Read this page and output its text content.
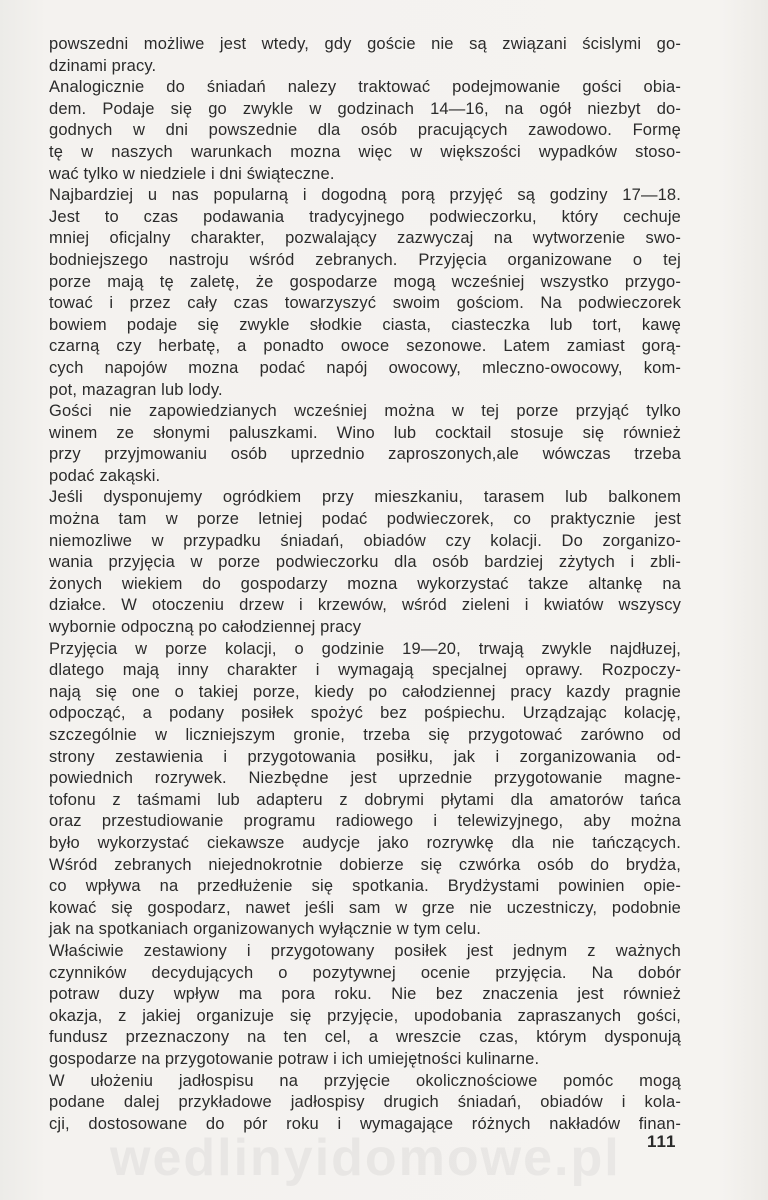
powszedni możliwe jest wtedy, gdy goście nie są związani ścislymi go-
dzinami pracy.
Analogicznie do śniadań nalezy traktować podejmowanie gości obia-
dem. Podaje się go zwykle w godzinach 14—16, na ogół niezbyt do-
godnych w dni powszednie dla osób pracujących zawodowo. Formę
tę w naszych warunkach mozna więc w większości wypadków stoso-
wać tylko w niedziele i dni świąteczne.
Najbardziej u nas popularną i dogodną porą przyjęć są godziny 17—18.
Jest to czas podawania tradycyjnego podwieczorku, który cechuje
mniej oficjalny charakter, pozwalający zazwyczaj na wytworzenie swo-
bodniejszego nastroju wśród zebranych. Przyjęcia organizowane o tej
porze mają tę zaletę, że gospodarze mogą wcześniej wszystko przygo-
tować i przez cały czas towarzyszyć swoim gościom. Na podwieczorek
bowiem podaje się zwykle słodkie ciasta, ciasteczka lub tort, kawę
czarną czy herbatę, a ponadto owoce sezonowe. Latem zamiast gorą-
cych napojów mozna podać napój owocowy, mleczno-owocowy, kom-
pot, mazagran lub lody.
Gości nie zapowiedzianych wcześniej można w tej porze przyjąć tylko
winem ze słonymi paluszkami. Wino lub cocktail stosuje się również
przy przyjmowaniu osób uprzednio zaproszonych,ale wówczas trzeba
podać zakąski.
Jeśli dysponujemy ogródkiem przy mieszkaniu, tarasem lub balkonem
można tam w porze letniej podać podwieczorek, co praktycznie jest
niemozliwe w przypadku śniadań, obiadów czy kolacji. Do zorganizo-
wania przyjęcia w porze podwieczorku dla osób bardziej zżytych i zbli-
żonych wiekiem do gospodarzy mozna wykorzystać takze altankę na
działce. W otoczeniu drzew i krzewów, wśród zieleni i kwiatów wszyscy
wybornie odpoczną po całodziennej pracy
Przyjęcia w porze kolacji, o godzinie 19—20, trwają zwykle najdłuzej,
dlatego mają inny charakter i wymagają specjalnej oprawy. Rozpoczy-
nają się one o takiej porze, kiedy po całodziennej pracy kazdy pragnie
odpocząć, a podany posiłek spożyć bez pośpiechu. Urządzając kolację,
szczególnie w liczniejszym gronie, trzeba się przygotować zarówno od
strony zestawienia i przygotowania posiłku, jak i zorganizowania od-
powiednich rozrywek. Niezbędne jest uprzednie przygotowanie magne-
tofonu z taśmami lub adapteru z dobrymi płytami dla amatorów tańca
oraz przestudiowanie programu radiowego i telewizyjnego, aby można
było wykorzystać ciekawsze audycje jako rozrywkę dla nie tańczących.
Wśród zebranych niejednokrotnie dobierze się czwórka osób do brydża,
co wpływa na przedłużenie się spotkania. Brydżystami powinien opie-
kować się gospodarz, nawet jeśli sam w grze nie uczestniczy, podobnie
jak na spotkaniach organizowanych wyłącznie w tym celu.
Właściwie zestawiony i przygotowany posiłek jest jednym z ważnych
czynników decydujących o pozytywnej ocenie przyjęcia. Na dobór
potraw duzy wpływ ma pora roku. Nie bez znaczenia jest również
okazja, z jakiej organizuje się przyjęcie, upodobania zapraszanych gości,
fundusz przeznaczony na ten cel, a wreszcie czas, którym dysponują
gospodarze na przygotowanie potraw i ich umiejętności kulinarne.
W ułożeniu jadłospisu na przyjęcie okolicznościowe pomóc mogą
podane dalej przykładowe jadłospisy drugich śniadań, obiadów i kola-
cji, dostosowane do pór roku i wymagające różnych nakładów finan-
wedlinyidomowe.pl 111
